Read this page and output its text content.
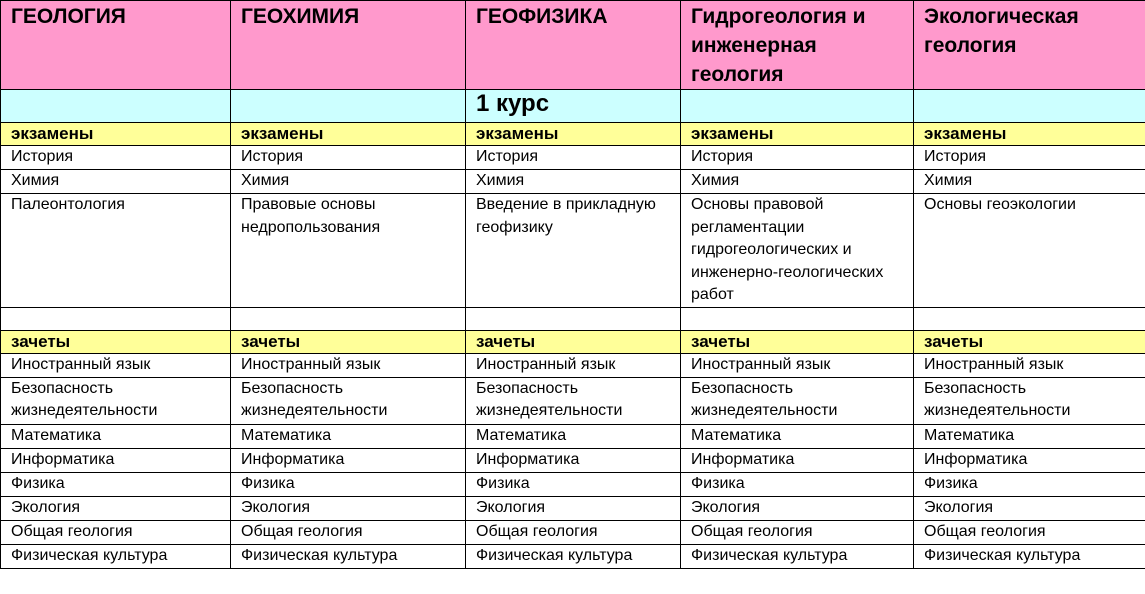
ГЕОЛОГИЯ	ГЕОХИМИЯ	ГЕОФИЗИКА	Гидрогеология и инженерная геология	Экологическая геология
		1 курс		
экзамены	экзамены	экзамены	экзамены	экзамены
История	История	История	История	История
Химия	Химия	Химия	Химия	Химия
Палеонтология	Правовые основы недропользования	Введение в прикладную геофизику	Основы правовой регламентации гидрогеологических и инженерно-геологических работ	Основы геоэкологии

зачеты	зачеты	зачеты	зачеты	зачеты
Иностранный язык	Иностранный язык	Иностранный язык	Иностранный язык	Иностранный язык
Безопасность жизнедеятельности	Безопасность жизнедеятельности	Безопасность жизнедеятельности	Безопасность жизнедеятельности	Безопасность жизнедеятельности
Математика	Математика	Математика	Математика	Математика
Информатика	Информатика	Информатика	Информатика	Информатика
Физика	Физика	Физика	Физика	Физика
Экология	Экология	Экология	Экология	Экология
Общая геология	Общая геология	Общая геология	Общая геология	Общая геология
Физическая культура	Физическая культура	Физическая культура	Физическая культура	Физическая культура
